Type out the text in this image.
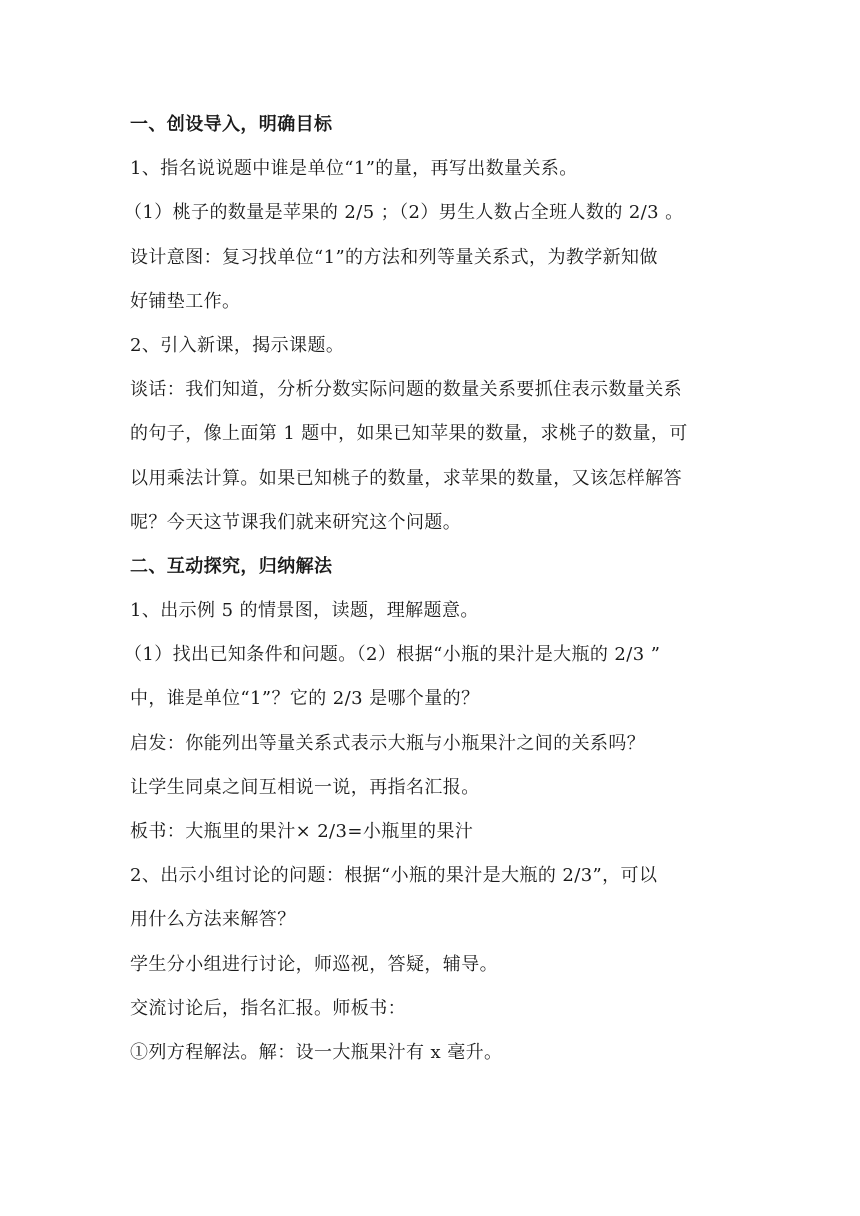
一、创设导入，明确目标
1、指名说说题中谁是单位“1”的量，再写出数量关系。
（1）桃子的数量是苹果的 2/5 ；（2）男生人数占全班人数的 2/3 。
设计意图：复习找单位“1”的方法和列等量关系式，为教学新知做
好铺垫工作。
2、引入新课，揭示课题。
谈话：我们知道，分析分数实际问题的数量关系要抓住表示数量关系
的句子，像上面第 1 题中，如果已知苹果的数量，求桃子的数量，可
以用乘法计算。如果已知桃子的数量，求苹果的数量，又该怎样解答
呢？今天这节课我们就来研究这个问题。
二、互动探究，归纳解法
1、出示例 5 的情景图，读题，理解题意。
（1）找出已知条件和问题。（2）根据“小瓶的果汁是大瓶的 2/3 ”
中，谁是单位“1”？它的 2/3 是哪个量的？
启发：你能列出等量关系式表示大瓶与小瓶果汁之间的关系吗？
让学生同桌之间互相说一说，再指名汇报。
板书：大瓶里的果汁× 2/3=小瓶里的果汁
2、出示小组讨论的问题：根据“小瓶的果汁是大瓶的 2/3”，可以
用什么方法来解答？
学生分小组进行讨论，师巡视，答疑，辅导。
交流讨论后，指名汇报。师板书：
①列方程解法。解：设一大瓶果汁有 x 毫升。
